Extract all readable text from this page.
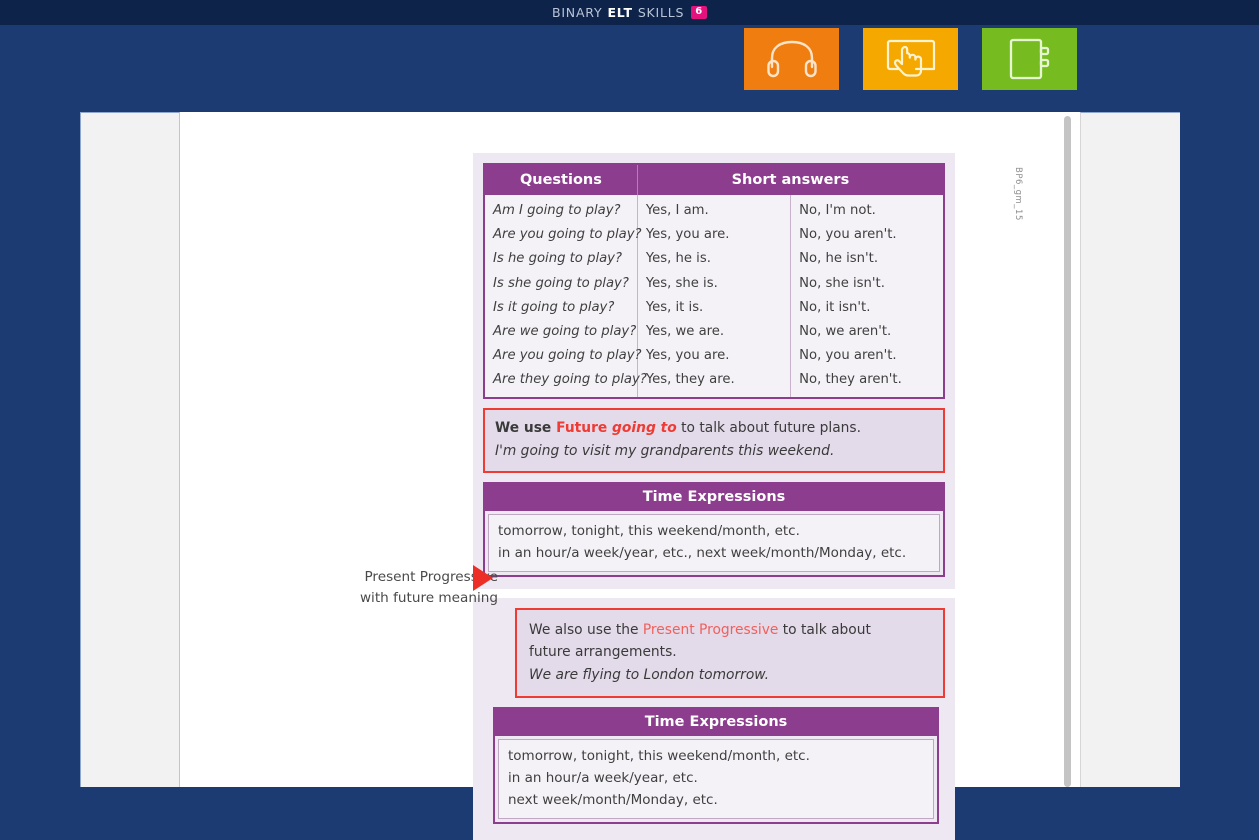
BINARY ELT SKILLS	6
BP6_gm_15
Questions	Short answers	
Am I going to play?	Yes, I am.	No, I'm not.
Are you going to play?	Yes, you are.	No, you aren't.
Is he going to play?	Yes, he is.	No, he isn't.
Is she going to play?	Yes, she is.	No, she isn't.
Is it going to play?	Yes, it is.	No, it isn't.
Are we going to play?	Yes, we are.	No, we aren't.
Are you going to play?	Yes, you are.	No, you aren't.
Are they going to play?	Yes, they are.	No, they aren't.
We use Future going to to talk about future plans.
I'm going to visit my grandparents this weekend.
Time Expressions
tomorrow, tonight, this weekend/month, etc.
in an hour/a week/year, etc., next week/month/Monday, etc.
We also use the Present Progressive to talk about
future arrangements.
We are flying to London tomorrow.
Time Expressions
tomorrow, tonight, this weekend/month, etc.
in an hour/a week/year, etc.
next week/month/Monday, etc.
Present Progressive
with future meaning
